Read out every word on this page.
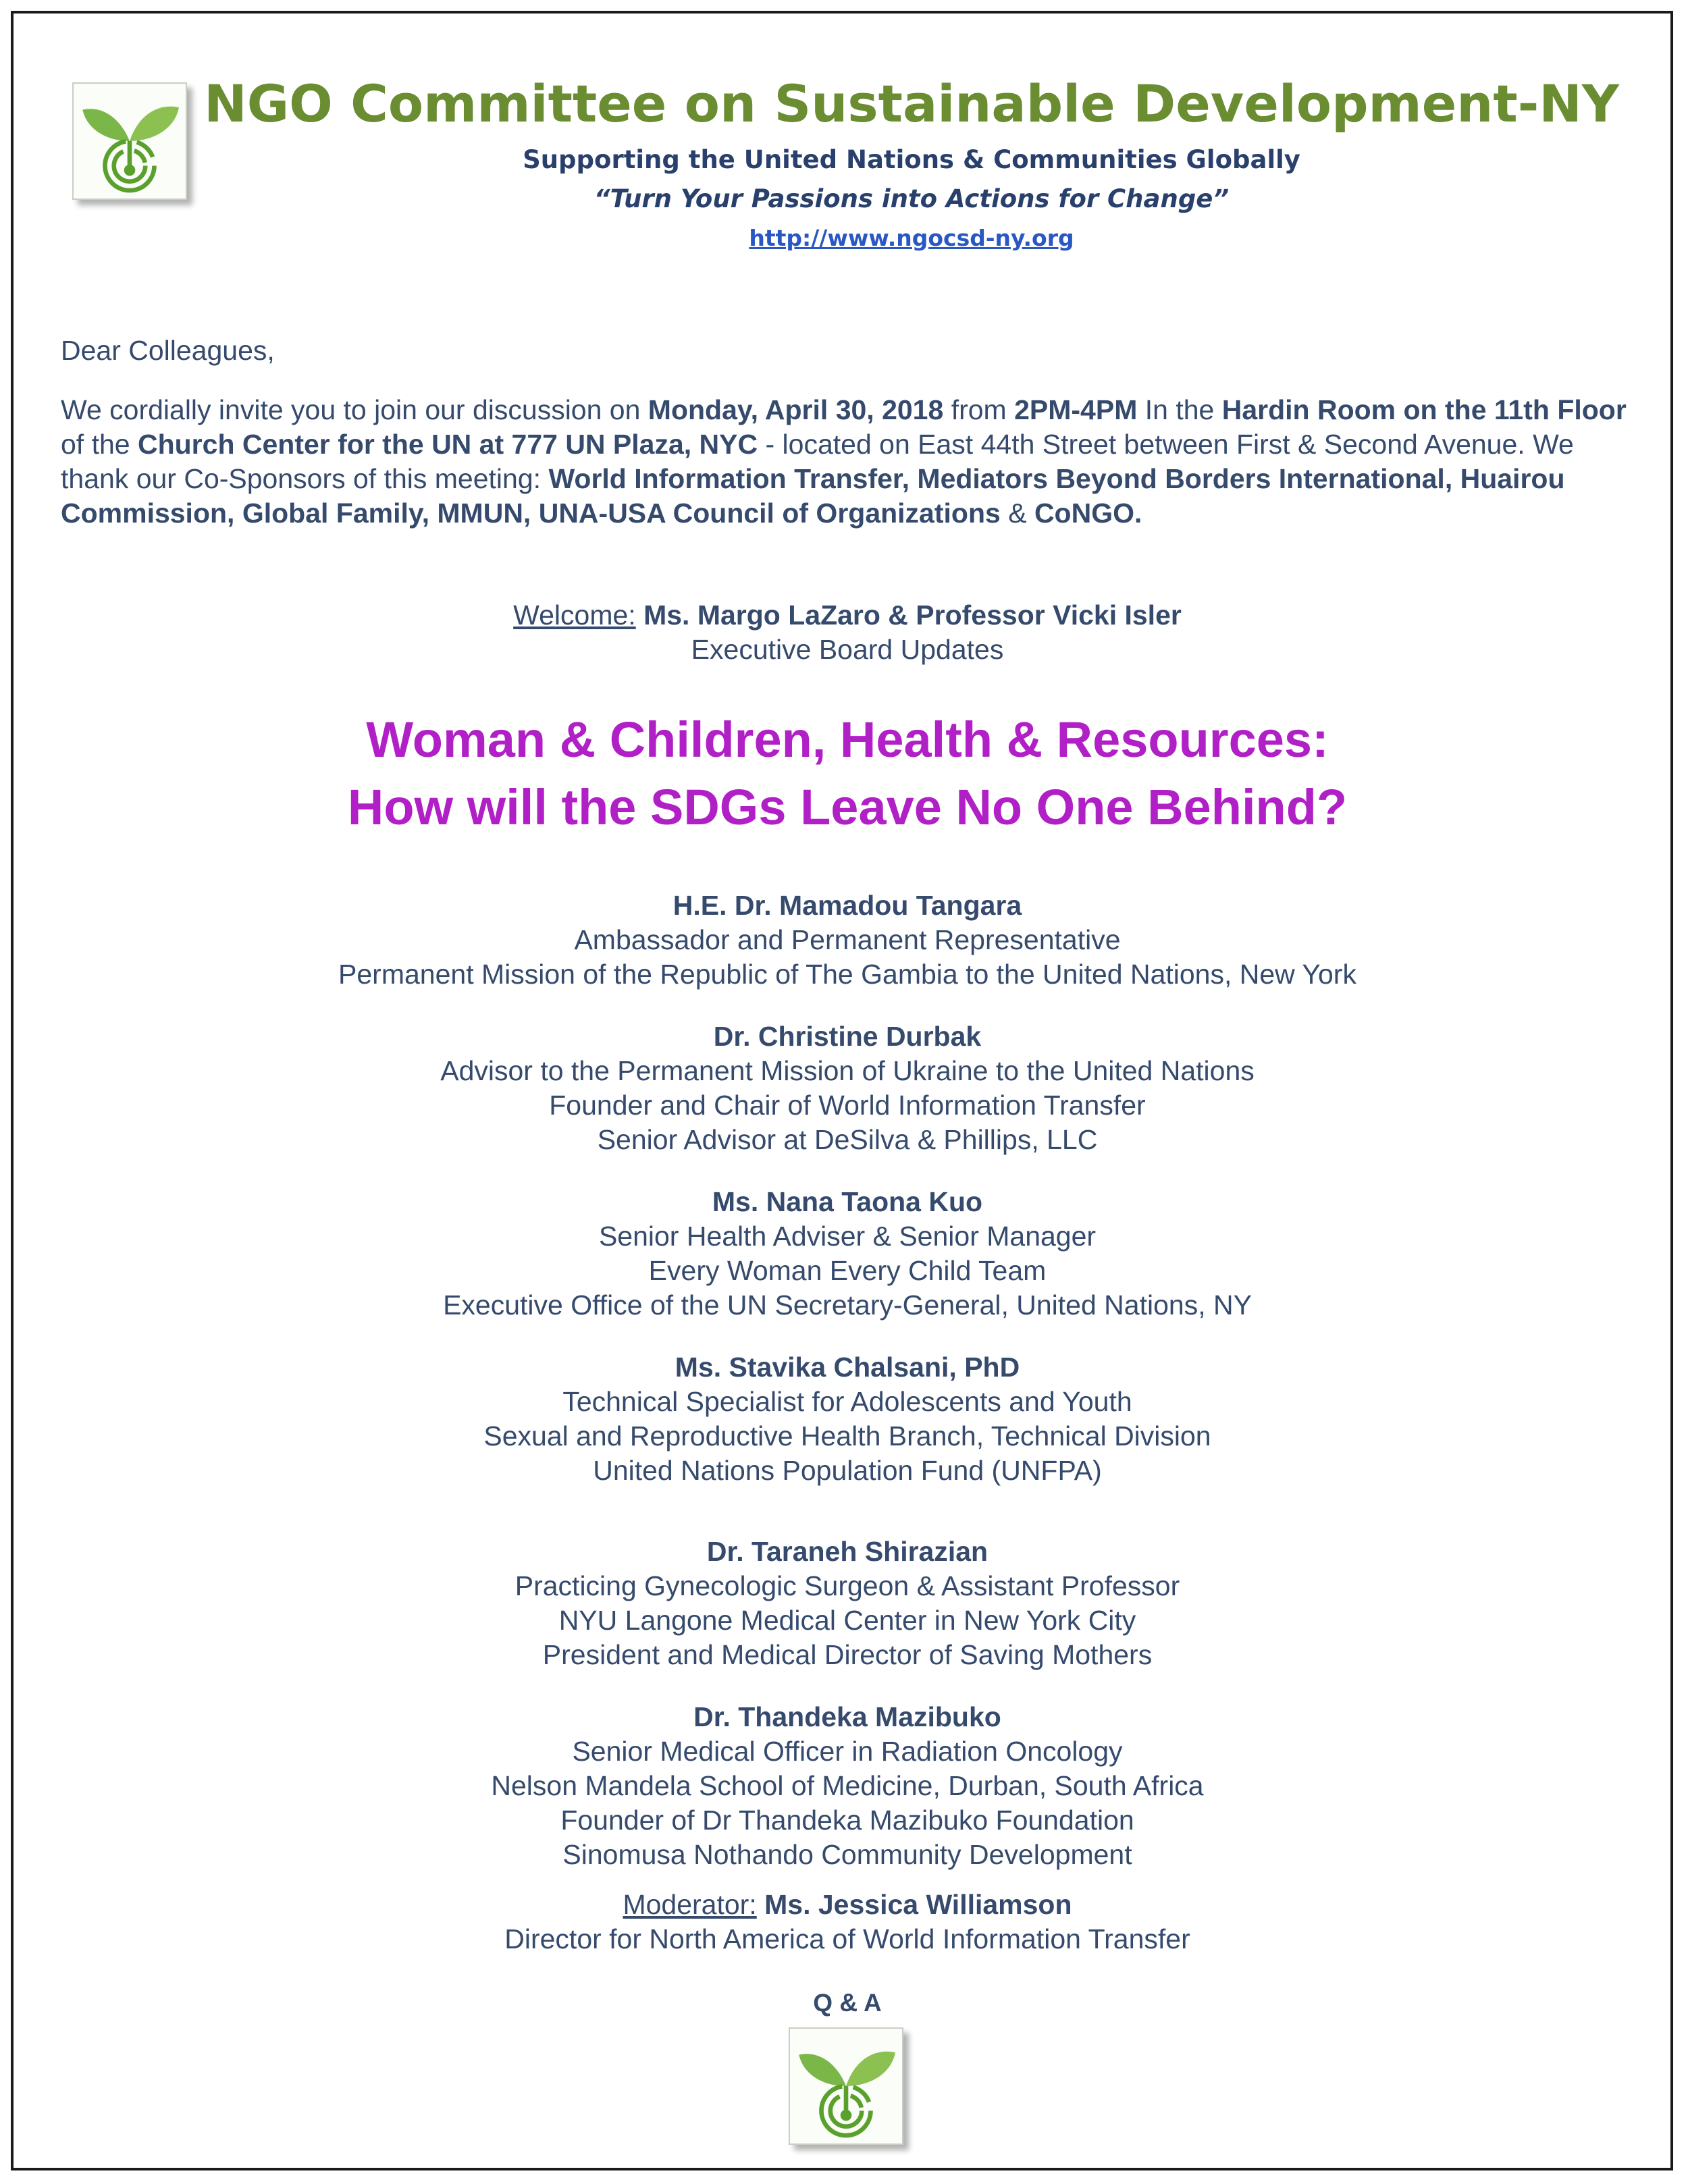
NGO Committee on Sustainable Development-NY
Supporting the United Nations & Communities Globally
“Turn Your Passions into Actions for Change”
http://www.ngocsd-ny.org
Dear Colleagues,
We cordially invite you to join our discussion on Monday, April 30, 2018 from 2PM-4PM In the Hardin Room on the 11th Floor of the Church Center for the UN at 777 UN Plaza, NYC - located on East 44th Street between First & Second Avenue. We thank our Co-Sponsors of this meeting: World Information Transfer, Mediators Beyond Borders International, Huairou Commission, Global Family, MMUN, UNA-USA Council of Organizations & CoNGO.
Welcome: Ms. Margo LaZaro & Professor Vicki Isler
Executive Board Updates
Woman & Children, Health & Resources:
How will the SDGs Leave No One Behind?
H.E. Dr. Mamadou Tangara
Ambassador and Permanent Representative
Permanent Mission of the Republic of The Gambia to the United Nations, New York
Dr. Christine Durbak
Advisor to the Permanent Mission of Ukraine to the United Nations
Founder and Chair of World Information Transfer
Senior Advisor at DeSilva & Phillips, LLC
Ms. Nana Taona Kuo
Senior Health Adviser & Senior Manager
Every Woman Every Child Team
Executive Office of the UN Secretary-General, United Nations, NY
Ms. Stavika Chalsani, PhD
Technical Specialist for Adolescents and Youth
Sexual and Reproductive Health Branch, Technical Division
United Nations Population Fund (UNFPA)
Dr. Taraneh Shirazian
Practicing Gynecologic Surgeon & Assistant Professor
NYU Langone Medical Center in New York City
President and Medical Director of Saving Mothers
Dr. Thandeka Mazibuko
Senior Medical Officer in Radiation Oncology
Nelson Mandela School of Medicine, Durban, South Africa
Founder of Dr Thandeka Mazibuko Foundation
Sinomusa Nothando Community Development
Moderator: Ms. Jessica Williamson
Director for North America of World Information Transfer
Q & A
